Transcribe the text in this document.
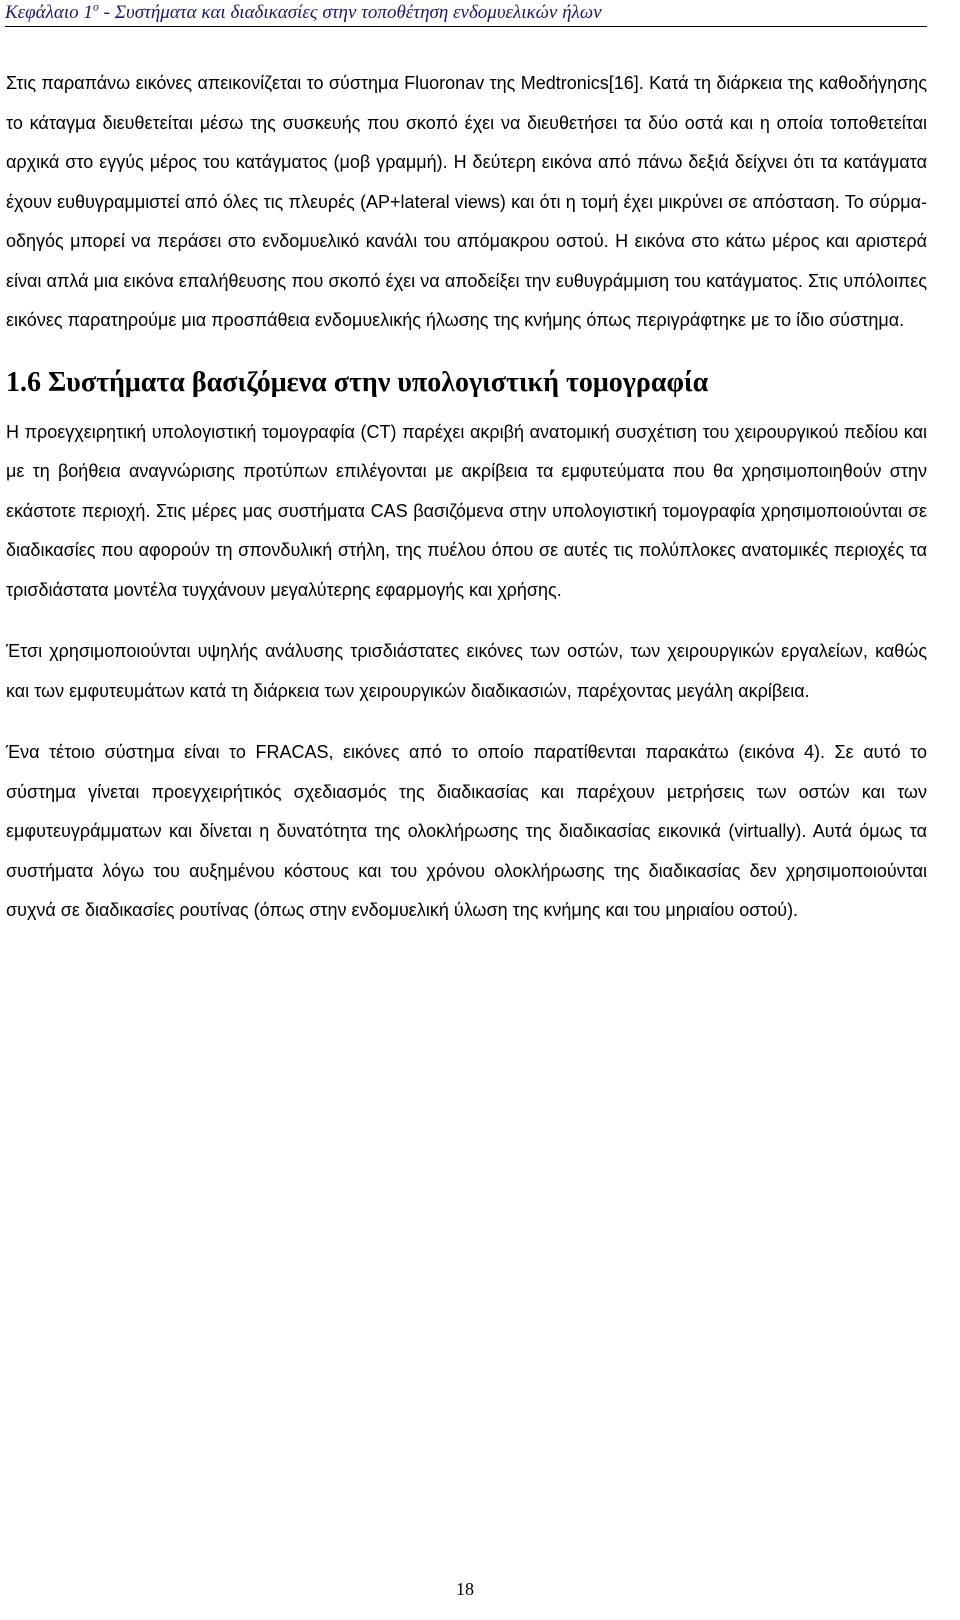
Κεφάλαιο $1^o$ - Συστήματα και διαδικασίες στην τοποθέτηση ενδομυελικών ήλων

Στις παραπάνω εικόνες απεικονίζεται το σύστημα Fluoronav της Medtronics[16]. Κατά τη διάρκεια της καθοδήγησης το κάταγμα διευθετείται μέσω της συσκευής που σκοπό έχει να διευθετήσει τα δύο οστά και η οποία τοποθετείται αρχικά στο εγγύς μέρος του κατάγματος (μοβ γραμμή). Η δεύτερη εικόνα από πάνω δεξιά δείχνει ότι τα κατάγματα έχουν ευθυγραμμιστεί από όλες τις πλευρές (AP+lateral views) και ότι η τομή έχει μικρύνει σε απόσταση. Το σύρμα-οδηγός μπορεί να περάσει στο ενδομυελικό κανάλι του απόμακρου οστού. Η εικόνα στο κάτω μέρος και αριστερά είναι απλά μια εικόνα επαλήθευσης που σκοπό έχει να αποδείξει την ευθυγράμμιση του κατάγματος. Στις υπόλοιπες εικόνες παρατηρούμε μια προσπάθεια ενδομυελικής ήλωσης της κνήμης όπως περιγράφτηκε με το ίδιο σύστημα.

1.6 Συστήματα βασιζόμενα στην υπολογιστική τομογραφία

Η προεγχειρητική υπολογιστική τομογραφία (CT) παρέχει ακριβή ανατομική συσχέτιση του χειρουργικού πεδίου και με τη βοήθεια αναγνώρισης προτύπων επιλέγονται με ακρίβεια τα εμφυτεύματα που θα χρησιμοποιηθούν στην εκάστοτε περιοχή. Στις μέρες μας συστήματα CAS βασιζόμενα στην υπολογιστική τομογραφία χρησιμοποιούνται σε διαδικασίες που αφορούν τη σπονδυλική στήλη, της πυέλου όπου σε αυτές τις πολύπλοκες ανατομικές περιοχές τα τρισδιάστατα μοντέλα τυγχάνουν μεγαλύτερης εφαρμογής και χρήσης.

Έτσι χρησιμοποιούνται υψηλής ανάλυσης τρισδιάστατες εικόνες των οστών, των χειρουργικών εργαλείων, καθώς και των εμφυτευμάτων κατά τη διάρκεια των χειρουργικών διαδικασιών, παρέχοντας μεγάλη ακρίβεια.

Ένα τέτοιο σύστημα είναι το FRACAS, εικόνες από το οποίο παρατίθενται παρακάτω (εικόνα 4). Σε αυτό το σύστημα γίνεται προεγχειρήτικός σχεδιασμός της διαδικασίας και παρέχουν μετρήσεις των οστών και των εμφυτευγράμματων και δίνεται η δυνατότητα της ολοκλήρωσης της διαδικασίας εικονικά (virtually). Αυτά όμως τα συστήματα λόγω του αυξημένου κόστους και του χρόνου ολοκλήρωσης της διαδικασίας δεν χρησιμοποιούνται συχνά σε διαδικασίες ρουτίνας (όπως στην ενδομυελική ύλωση της κνήμης και του μηριαίου οστού).

18
